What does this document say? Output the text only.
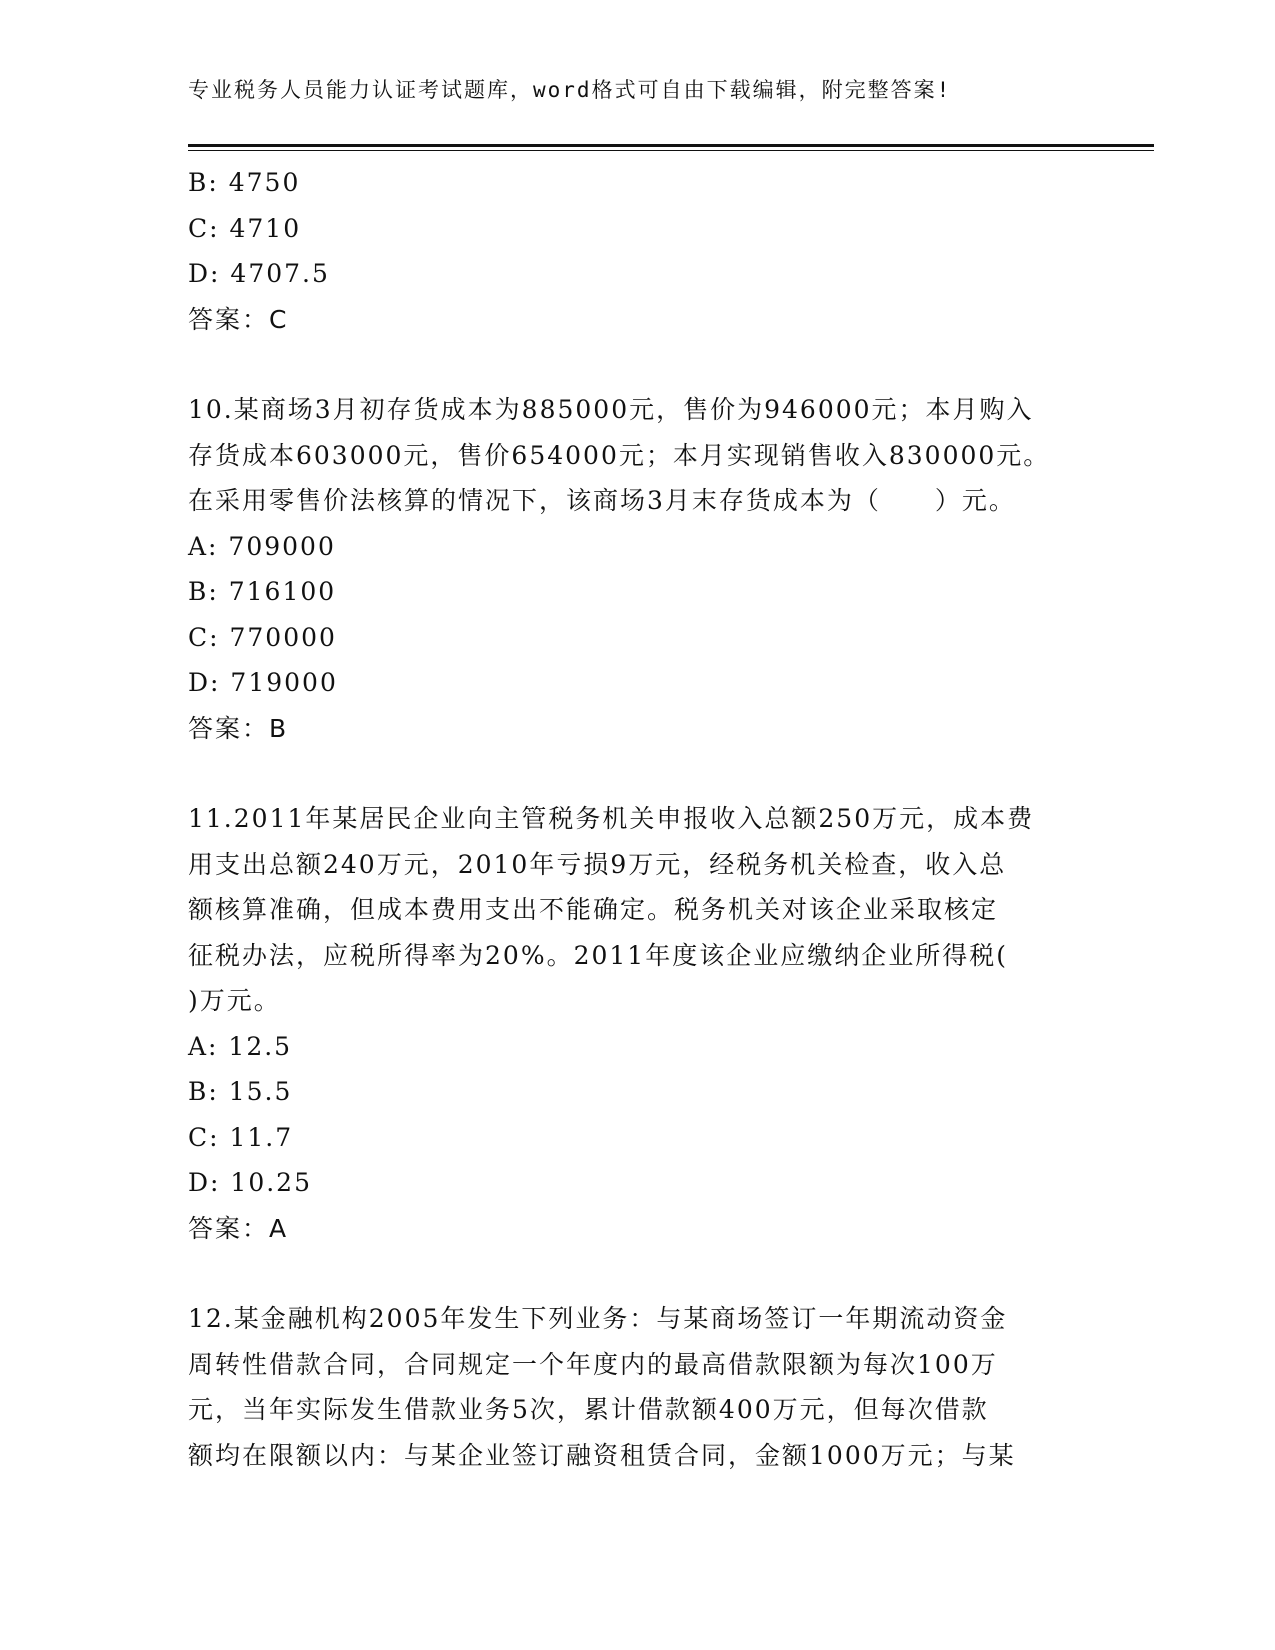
专业税务人员能力认证考试题库，word格式可自由下载编辑，附完整答案!
B: 4750
C: 4710
D: 4707.5
答案：C
10.某商场3月初存货成本为885000元，售价为946000元；本月购入
存货成本603000元，售价654000元；本月实现销售收入830000元。
在采用零售价法核算的情况下，该商场3月末存货成本为（　　）元。
A: 709000
B: 716100
C: 770000
D: 719000
答案：B
11.2011年某居民企业向主管税务机关申报收入总额250万元，成本费
用支出总额240万元，2010年亏损9万元，经税务机关检查，收入总
额核算准确，但成本费用支出不能确定。税务机关对该企业采取核定
征税办法，应税所得率为20%。2011年度该企业应缴纳企业所得税(
)万元。
A: 12.5
B: 15.5
C: 11.7
D: 10.25
答案：A
12.某金融机构2005年发生下列业务：与某商场签订一年期流动资金
周转性借款合同，合同规定一个年度内的最高借款限额为每次100万
元，当年实际发生借款业务5次，累计借款额400万元，但每次借款
额均在限额以内：与某企业签订融资租赁合同，金额1000万元；与某
